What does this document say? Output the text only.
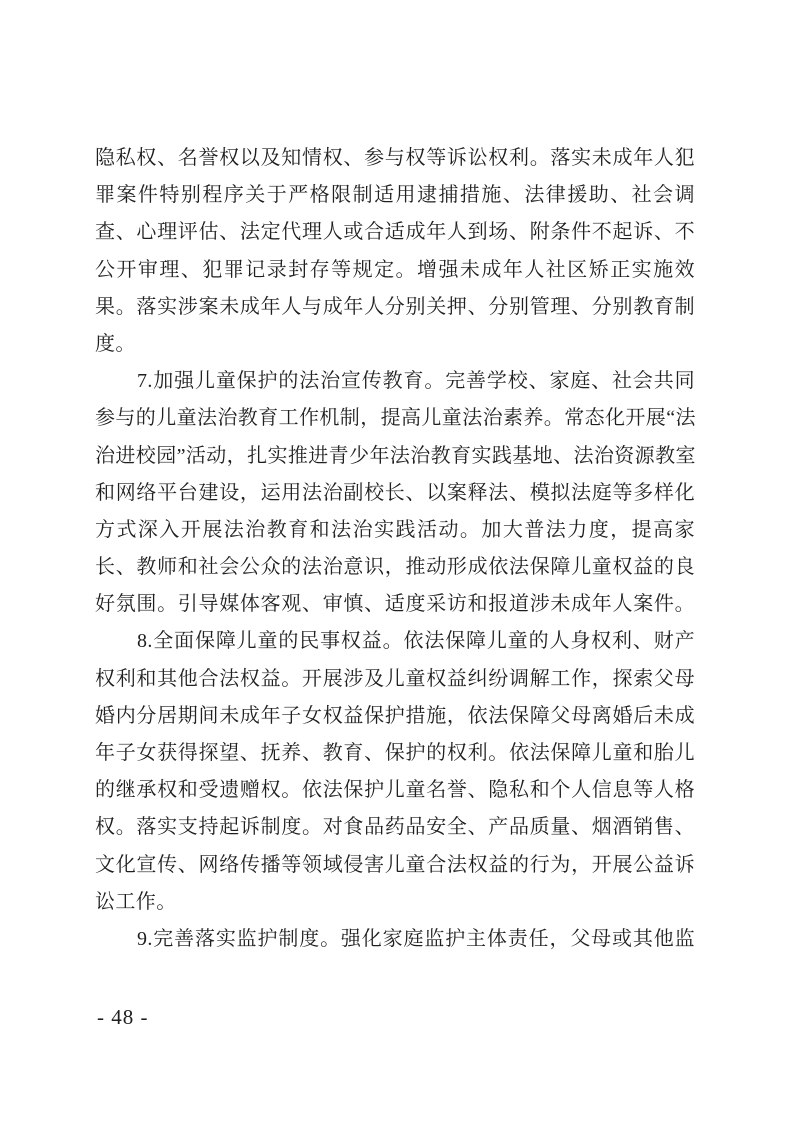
隐私权、名誉权以及知情权、参与权等诉讼权利。落实未成年人犯
罪案件特别程序关于严格限制适用逮捕措施、法律援助、社会调
查、心理评估、法定代理人或合适成年人到场、附条件不起诉、不
公开审理、犯罪记录封存等规定。增强未成年人社区矫正实施效
果。落实涉案未成年人与成年人分别关押、分别管理、分别教育制
度。
7.加强儿童保护的法治宣传教育。完善学校、家庭、社会共同
参与的儿童法治教育工作机制，提高儿童法治素养。常态化开展“法
治进校园”活动，扎实推进青少年法治教育实践基地、法治资源教室
和网络平台建设，运用法治副校长、以案释法、模拟法庭等多样化
方式深入开展法治教育和法治实践活动。加大普法力度，提高家
长、教师和社会公众的法治意识，推动形成依法保障儿童权益的良
好氛围。引导媒体客观、审慎、适度采访和报道涉未成年人案件。
8.全面保障儿童的民事权益。依法保障儿童的人身权利、财产
权利和其他合法权益。开展涉及儿童权益纠纷调解工作，探索父母
婚内分居期间未成年子女权益保护措施，依法保障父母离婚后未成
年子女获得探望、抚养、教育、保护的权利。依法保障儿童和胎儿
的继承权和受遗赠权。依法保护儿童名誉、隐私和个人信息等人格
权。落实支持起诉制度。对食品药品安全、产品质量、烟酒销售、
文化宣传、网络传播等领域侵害儿童合法权益的行为，开展公益诉
讼工作。
9.完善落实监护制度。强化家庭监护主体责任，父母或其他监
- 48 -
